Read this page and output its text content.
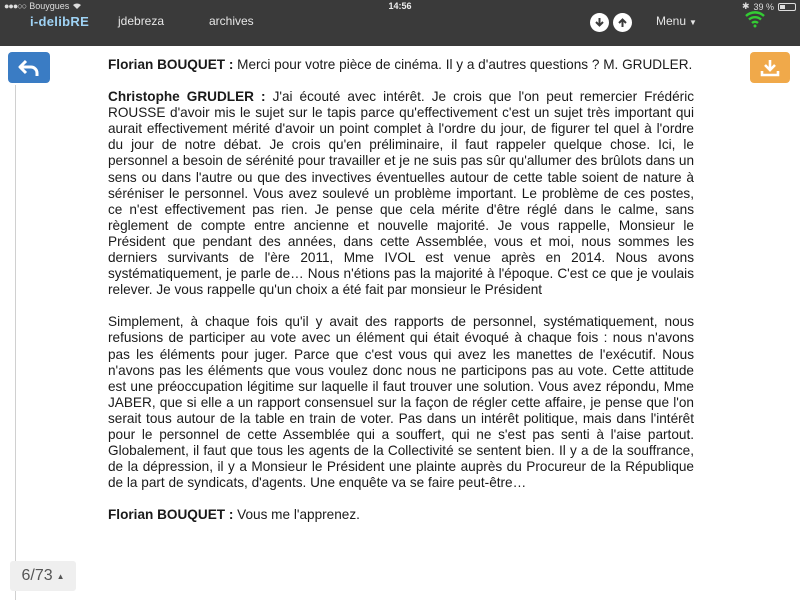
●●●○○ Bouygues	14:56	✱ 39 %
i-delibRE jdebreza	archives	Menu ▼

Florian BOUQUET : Merci pour votre pièce de cinéma. Il y a d'autres questions ? M. GRUDLER.

Christophe GRUDLER : J'ai écouté avec intérêt. Je crois que l'on peut remercier Frédéric ROUSSE d'avoir mis le sujet sur le tapis parce qu'effectivement c'est un sujet très important qui aurait effectivement mérité d'avoir un point complet à l'ordre du jour, de figurer tel quel à l'ordre du jour de notre débat. Je crois qu'en préliminaire, il faut rappeler quelque chose. Ici, le personnel a besoin de sérénité pour travailler et je ne suis pas sûr qu'allumer des brûlots dans un sens ou dans l'autre ou que des invectives éventuelles autour de cette table soient de nature à séréniser le personnel. Vous avez soulevé un problème important. Le problème de ces postes, ce n'est effectivement pas rien. Je pense que cela mérite d'être réglé dans le calme, sans règlement de compte entre ancienne et nouvelle majorité. Je vous rappelle, Monsieur le Président que pendant des années, dans cette Assemblée, vous et moi, nous sommes les derniers survivants de l'ère 2011, Mme IVOL est venue après en 2014. Nous avons systématiquement, je parle de… Nous n'étions pas la majorité à l'époque. C'est ce que je voulais relever. Je vous rappelle qu'un choix a été fait par monsieur le Président

Simplement, à chaque fois qu'il y avait des rapports de personnel, systématiquement, nous refusions de participer au vote avec un élément qui était évoqué à chaque fois : nous n'avons pas les éléments pour juger. Parce que c'est vous qui avez les manettes de l'exécutif. Nous n'avons pas les éléments que vous voulez donc nous ne participons pas au vote. Cette attitude est une préoccupation légitime sur laquelle il faut trouver une solution. Vous avez répondu, Mme JABER, que si elle a un rapport consensuel sur la façon de régler cette affaire, je pense que l'on serait tous autour de la table en train de voter. Pas dans un intérêt politique, mais dans l'intérêt pour le personnel de cette Assemblée qui a souffert, qui ne s'est pas senti à l'aise partout. Globalement, il faut que tous les agents de la Collectivité se sentent bien. Il y a de la souffrance, de la dépression, il y a Monsieur le Président une plainte auprès du Procureur de la République de la part de syndicats, d'agents. Une enquête va se faire peut-être…

Florian BOUQUET : Vous me l'apprenez.

6/73 ▲
